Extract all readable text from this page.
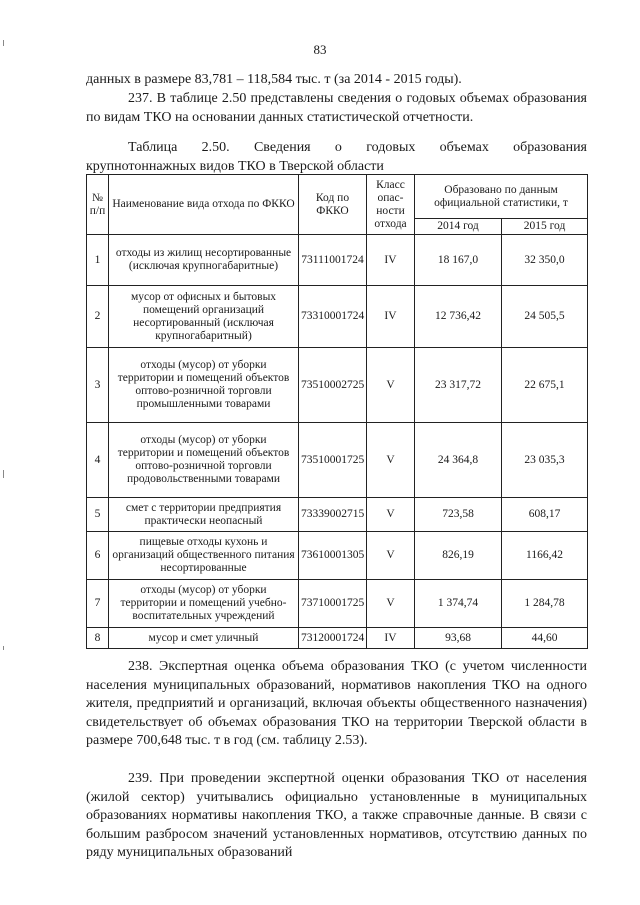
83

данных в размере 83,781 – 118,584 тыс. т (за 2014 - 2015 годы).

237. В таблице 2.50 представлены сведения о годовых объемах образования по видам ТКО на основании данных статистической отчетности.

Таблица 2.50. Сведения о годовых объемах образования
крупнотоннажных видов ТКО в Тверской области

№ п/п	Наименование вида отхода по ФККО	Код по ФККО	Класс опас-ности отхода	Образовано по данным официальной статистики, т	
				2014 год	2015 год
1	отходы из жилищ несортированные (исключая крупногабаритные)	73111001724	IV	18 167,0	32 350,0
2	мусор от офисных и бытовых помещений организаций несортированный (исключая крупногабаритный)	73310001724	IV	12 736,42	24 505,5
3	отходы (мусор) от уборки территории и помещений объектов оптово-розничной торговли промышленными товарами	73510002725	V	23 317,72	22 675,1
4	отходы (мусор) от уборки территории и помещений объектов оптово-розничной торговли продовольственными товарами	73510001725	V	24 364,8	23 035,3
5	смет с территории предприятия практически неопасный	73339002715	V	723,58	608,17
6	пищевые отходы кухонь и организаций общественного питания несортированные	73610001305	V	826,19	1166,42
7	отходы (мусор) от уборки территории и помещений учебно-воспитательных учреждений	73710001725	V	1 374,74	1 284,78
8	мусор и смет уличный	73120001724	IV	93,68	44,60

238. Экспертная оценка объема образования ТКО (с учетом численности населения муниципальных образований, нормативов накопления ТКО на одного жителя, предприятий и организаций, включая объекты общественного назначения) свидетельствует об объемах образования ТКО на территории Тверской области в размере 700,648 тыс. т в год (см. таблицу 2.53).

239. При проведении экспертной оценки образования ТКО от населения (жилой сектор) учитывались официально установленные в муниципальных образованиях нормативы накопления ТКО, а также справочные данные. В связи с большим разбросом значений установленных нормативов, отсутствию данных по ряду муниципальных образований
